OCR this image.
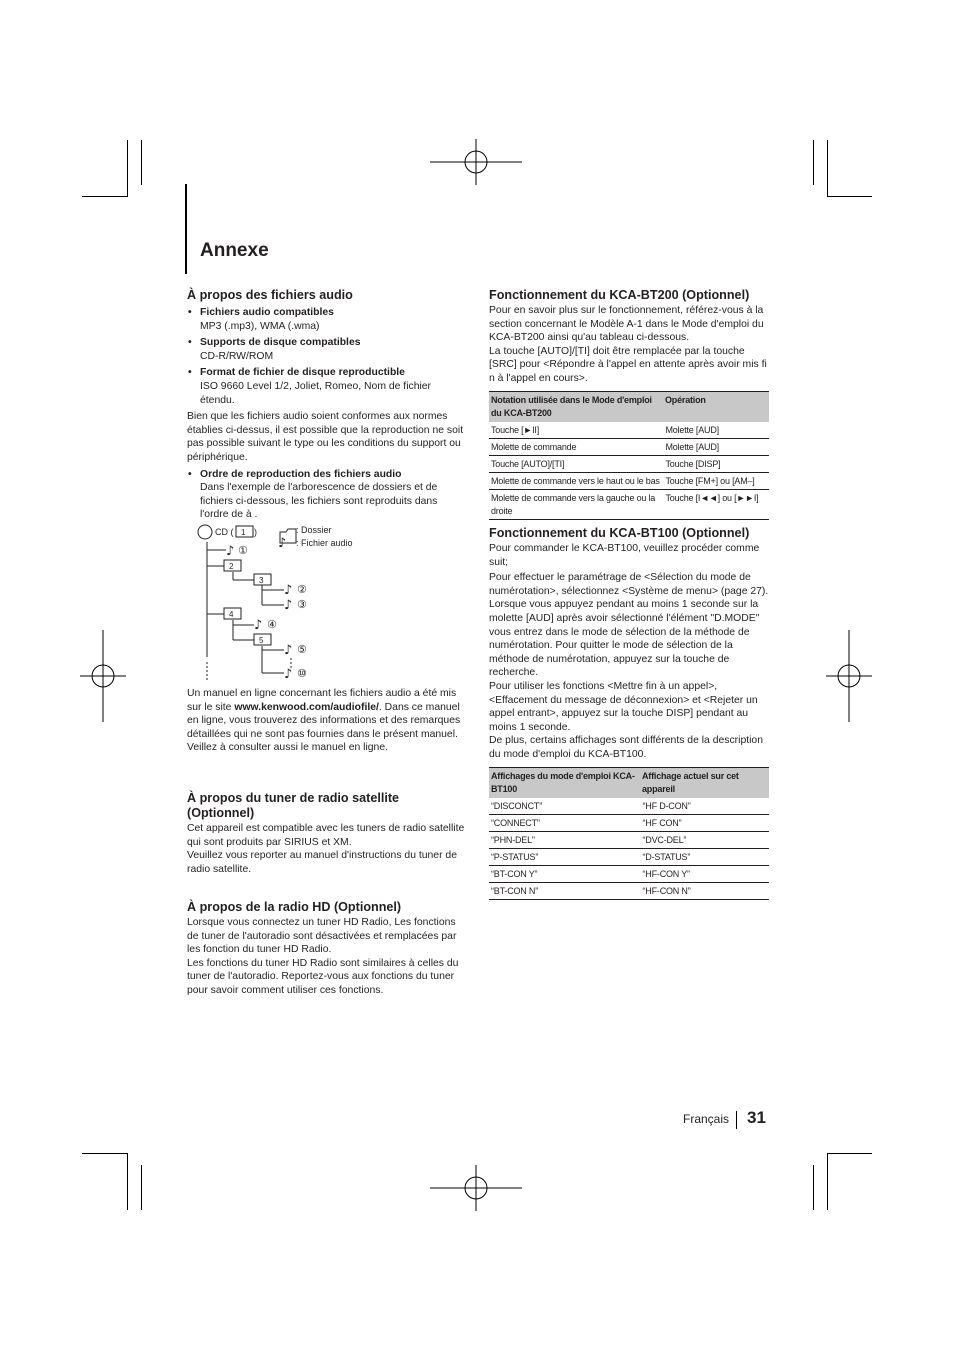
Annexe
À propos des fichiers audio
• Fichiers audio compatibles
MP3 (.mp3), WMA (.wma)
• Supports de disque compatibles
CD-R/RW/ROM
• Format de fichier de disque reproductible
ISO 9660 Level 1/2, Joliet, Romeo, Nom de fichier étendu.

Bien que les fichiers audio soient conformes aux normes établies ci-dessus, il est possible que la reproduction ne soit pas possible suivant le type ou les conditions du support ou périphérique.

• Ordre de reproduction des fichiers audio
Dans l'exemple de l'arborescence de dossiers et de fichiers ci-dessous, les fichiers sont reproduits dans l'ordre de à .
2
3
4
5
1
♪
♪
♪
♪
♪
♪
♪
①
②
③
④
⑤
⑩
CD ( )	: Dossier
: Fichier audio

Un manuel en ligne concernant les fichiers audio a été mis sur le site www.kenwood.com/audiofile/. Dans ce manuel en ligne, vous trouverez des informations et des remarques détaillées qui ne sont pas fournies dans le présent manuel. Veillez à consulter aussi le manuel en ligne.

À propos du tuner de radio satellite (Optionnel)

Cet appareil est compatible avec les tuners de radio satellite qui sont produits par SIRIUS et XM.

Veuillez vous reporter au manuel d'instructions du tuner de radio satellite.

À propos de la radio HD (Optionnel)

Lorsque vous connectez un tuner HD Radio, Les fonctions de tuner de l'autoradio sont désactivées et remplacées par les fonction du tuner HD Radio.

Les fonctions du tuner HD Radio sont similaires à celles du tuner de l'autoradio. Reportez-vous aux fonctions du tuner pour savoir comment utiliser ces fonctions.

Fonctionnement du KCA-BT200 (Optionnel)

Pour en savoir plus sur le fonctionnement, référez-vous à la section concernant le Modèle A-1 dans le Mode d'emploi du KCA-BT200 ainsi qu'au tableau ci-dessous.

La touche [AUTO]/[TI] doit être remplacée par la touche [SRC] pour <Répondre à l'appel en attente après avoir mis fi n à l'appel en cours>.

Notation utilisée dans le Mode d'emploi du KCA-BT200	Opération
Touche [►II]	Molette [AUD]
Molette de commande	Molette [AUD]
Touche [AUTO]/[TI]	Touche [DISP]
Molette de commande vers le haut ou le bas	Touche [FM+] ou [AM–]
Molette de commande vers la gauche ou la droite	Touche [I◄◄] ou [►►I]
Fonctionnement du KCA-BT100 (Optionnel)

Pour commander le KCA-BT100, veuillez procéder comme suit;

Pour effectuer le paramétrage de <Sélection du mode de numérotation>, sélectionnez <Système de menu> (page 27). Lorsque vous appuyez pendant au moins 1 seconde sur la molette [AUD] après avoir sélectionné l'élément "D.MODE" vous entrez dans le mode de sélection de la méthode de numérotation. Pour quitter le mode de sélection de la méthode de numérotation, appuyez sur la touche de recherche.

Pour utiliser les fonctions <Mettre fin à un appel>, <Effacement du message de déconnexion> et <Rejeter un appel entrant>, appuyez sur la touche DISP] pendant au moins 1 seconde.

De plus, certains affichages sont différents de la description du mode d'emploi du KCA-BT100.

Affichages du mode d'emploi KCA-BT100	Affichage actuel sur cet appareil
“DISCONCT”	“HF D-CON”
“CONNECT”	“HF CON”
“PHN-DEL”	“DVC-DEL”
“P-STATUS”	“D-STATUS”
“BT-CON Y”	“HF-CON Y”
“BT-CON N”	“HF-CON N”
Français 31
